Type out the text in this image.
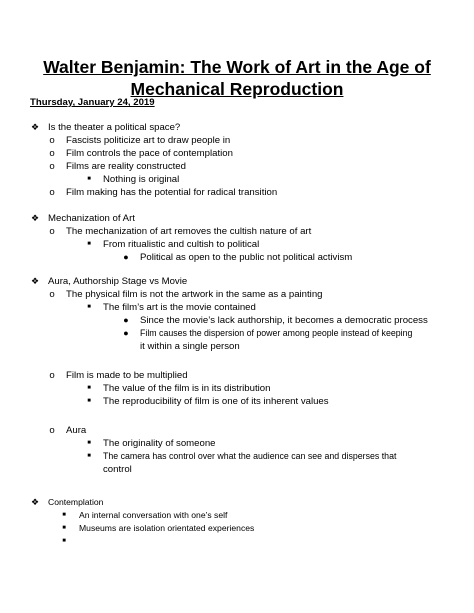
Walter Benjamin: The Work of Art in the Age of
Mechanical Reproduction
Thursday, January 24, 2019
❖ Is the theater a political space?
o Fascists politicize art to draw people in
o Film controls the pace of contemplation
o Films are reality constructed
■	Nothing is original
o Film making has the potential for radical transition
❖ Mechanization of Art
o The mechanization of art removes the cultish nature of art
■	From ritualistic and cultish to political
● Political as open to the public not political activism
❖ Aura, Authorship Stage vs Movie
o The physical film is not the artwork in the same as a painting
■	The film’s art is the movie contained
● Since the movie’s lack authorship, it becomes a democratic process
● Film causes the dispersion of power among people instead of keeping
it within a single person
o Film is made to be multiplied
■	The value of the film is in its distribution
■	The reproducibility of film is one of its inherent values
o Aura
■	The originality of someone
■	The camera has control over what the audience can see and disperses that
control
❖ Contemplation
■	An internal conversation with one’s self
■	Museums are isolation orientated experiences
■
